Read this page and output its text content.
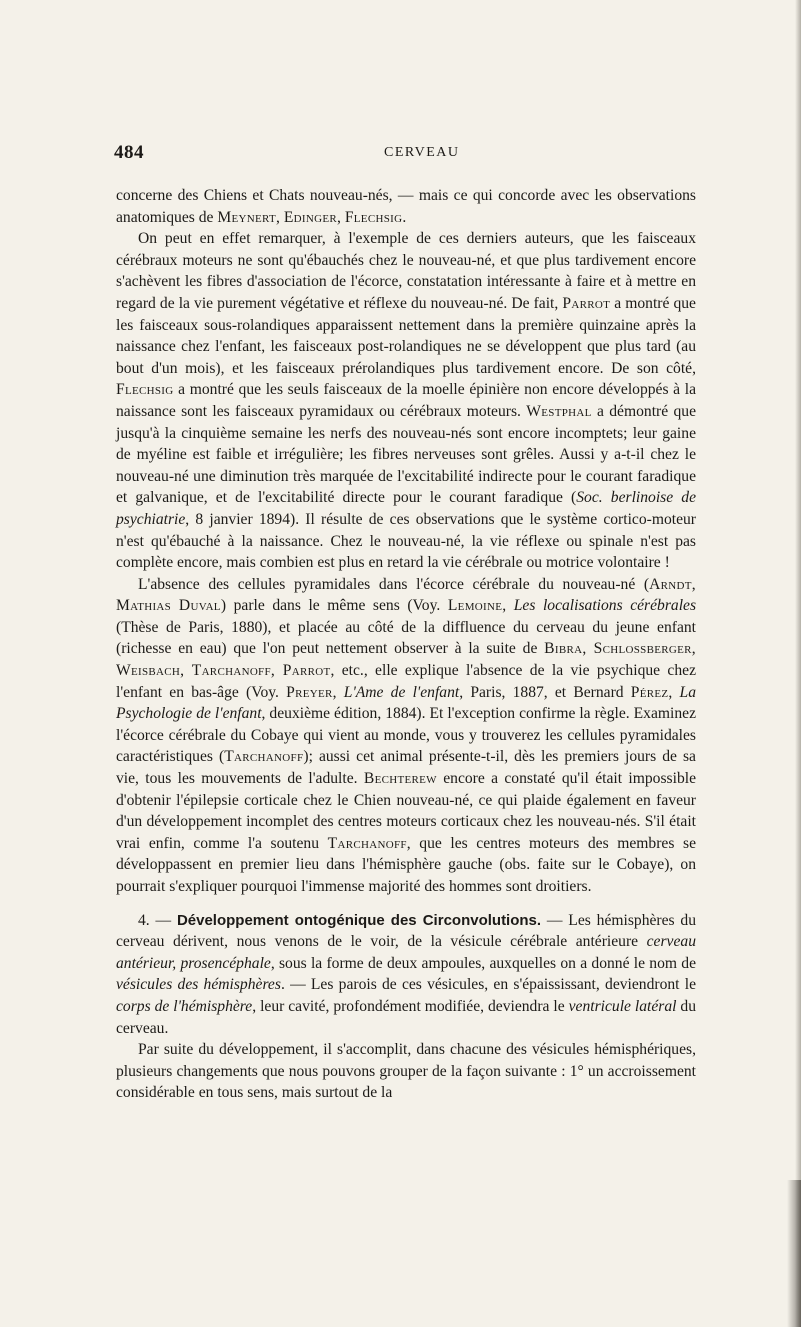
484	CERVEAU

concerne des Chiens et Chats nouveau-nés, — mais ce qui concorde avec les observations anatomiques de Meynert, Edinger, Flechsig.

On peut en effet remarquer, à l'exemple de ces derniers auteurs, que les faisceaux cérébraux moteurs ne sont qu'ébauchés chez le nouveau-né, et que plus tardivement encore s'achèvent les fibres d'association de l'écorce, constatation intéressante à faire et à mettre en regard de la vie purement végétative et réflexe du nouveau-né. De fait, Parrot a montré que les faisceaux sous-rolandiques apparaissent nettement dans la première quinzaine après la naissance chez l'enfant, les faisceaux post-rolandiques ne se développent que plus tard (au bout d'un mois), et les faisceaux prérolandiques plus tardivement encore. De son côté, Flechsig a montré que les seuls faisceaux de la moelle épinière non encore développés à la naissance sont les faisceaux pyramidaux ou cérébraux moteurs. Westphal a démontré que jusqu'à la cinquième semaine les nerfs des nouveau-nés sont encore incomptets; leur gaine de myéline est faible et irrégulière; les fibres nerveuses sont grêles. Aussi y a-t-il chez le nouveau-né une diminution très marquée de l'excitabilité indirecte pour le courant faradique et galvanique, et de l'excitabilité directe pour le courant faradique (Soc. berlinoise de psychiatrie, 8 janvier 1894). Il résulte de ces observations que le système cortico-moteur n'est qu'ébauché à la naissance. Chez le nouveau-né, la vie réflexe ou spinale n'est pas complète encore, mais combien est plus en retard la vie cérébrale ou motrice volontaire !

L'absence des cellules pyramidales dans l'écorce cérébrale du nouveau-né (Arndt, Mathias Duval) parle dans le même sens (Voy. Lemoine, Les localisations cérébrales (Thèse de Paris, 1880), et placée au côté de la diffluence du cerveau du jeune enfant (richesse en eau) que l'on peut nettement observer à la suite de Bibra, Schlossberger, Weisbach, Tarchanoff, Parrot, etc., elle explique l'absence de la vie psychique chez l'enfant en bas-âge (Voy. Preyer, L'Ame de l'enfant, Paris, 1887, et Bernard Pérez, La Psychologie de l'enfant, deuxième édition, 1884). Et l'exception confirme la règle. Examinez l'écorce cérébrale du Cobaye qui vient au monde, vous y trouverez les cellules pyramidales caractéristiques (Tarchanoff); aussi cet animal présente-t-il, dès les premiers jours de sa vie, tous les mouvements de l'adulte. Bechterew encore a constaté qu'il était impossible d'obtenir l'épilepsie corticale chez le Chien nouveau-né, ce qui plaide également en faveur d'un développement incomplet des centres moteurs corticaux chez les nouveau-nés. S'il était vrai enfin, comme l'a soutenu Tarchanoff, que les centres moteurs des membres se développassent en premier lieu dans l'hémisphère gauche (obs. faite sur le Cobaye), on pourrait s'expliquer pourquoi l'immense majorité des hommes sont droitiers.

4. — Développement ontogénique des Circonvolutions. — Les hémisphères du cerveau dérivent, nous venons de le voir, de la vésicule cérébrale antérieure cerveau antérieur, prosencéphale, sous la forme de deux ampoules, auxquelles on a donné le nom de vésicules des hémisphères. — Les parois de ces vésicules, en s'épaississant, deviendront le corps de l'hémisphère, leur cavité, profondément modifiée, deviendra le ventricule latéral du cerveau.

Par suite du développement, il s'accomplit, dans chacune des vésicules hémisphériques, plusieurs changements que nous pouvons grouper de la façon suivante : 1° un accroissement considérable en tous sens, mais surtout de la
